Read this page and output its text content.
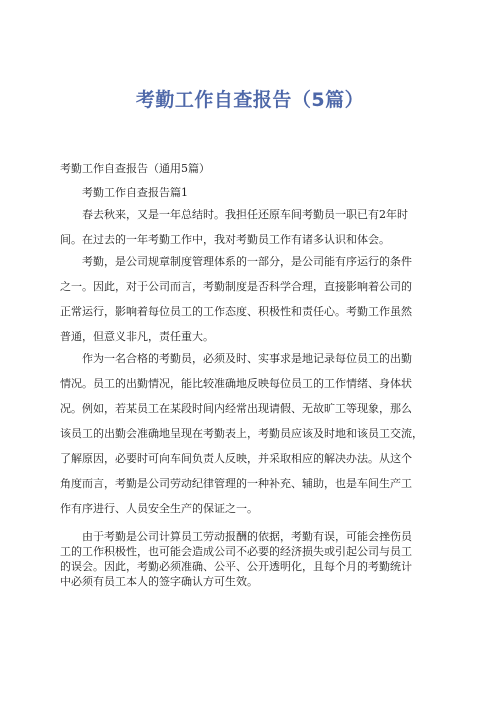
考勤工作自查报告（5篇）
考勤工作自查报告（通用5篇）
考勤工作自查报告篇1
春去秋来，又是一年总结时。我担任还原车间考勤员一职已有2年时
间。在过去的一年考勤工作中，我对考勤员工作有诸多认识和体会。
考勤，是公司规章制度管理体系的一部分，是公司能有序运行的条件
之一。因此，对于公司而言，考勤制度是否科学合理，直接影响着公司的
正常运行，影响着每位员工的工作态度、积极性和责任心。考勤工作虽然
普通，但意义非凡，责任重大。
作为一名合格的考勤员，必须及时、实事求是地记录每位员工的出勤
情况。员工的出勤情况，能比较准确地反映每位员工的工作情绪、身体状
况。例如，若某员工在某段时间内经常出现请假、无故旷工等现象，那么
该员工的出勤会准确地呈现在考勤表上，考勤员应该及时地和该员工交流，
了解原因，必要时可向车间负责人反映，并采取相应的解决办法。从这个
角度而言，考勤是公司劳动纪律管理的一种补充、辅助，也是车间生产工
作有序进行、人员安全生产的保证之一。
由于考勤是公司计算员工劳动报酬的依据，考勤有误，可能会挫伤员
工的工作积极性，也可能会造成公司不必要的经济损失或引起公司与员工
的误会。因此，考勤必须准确、公平、公开透明化，且每个月的考勤统计
中必须有员工本人的签字确认方可生效。
